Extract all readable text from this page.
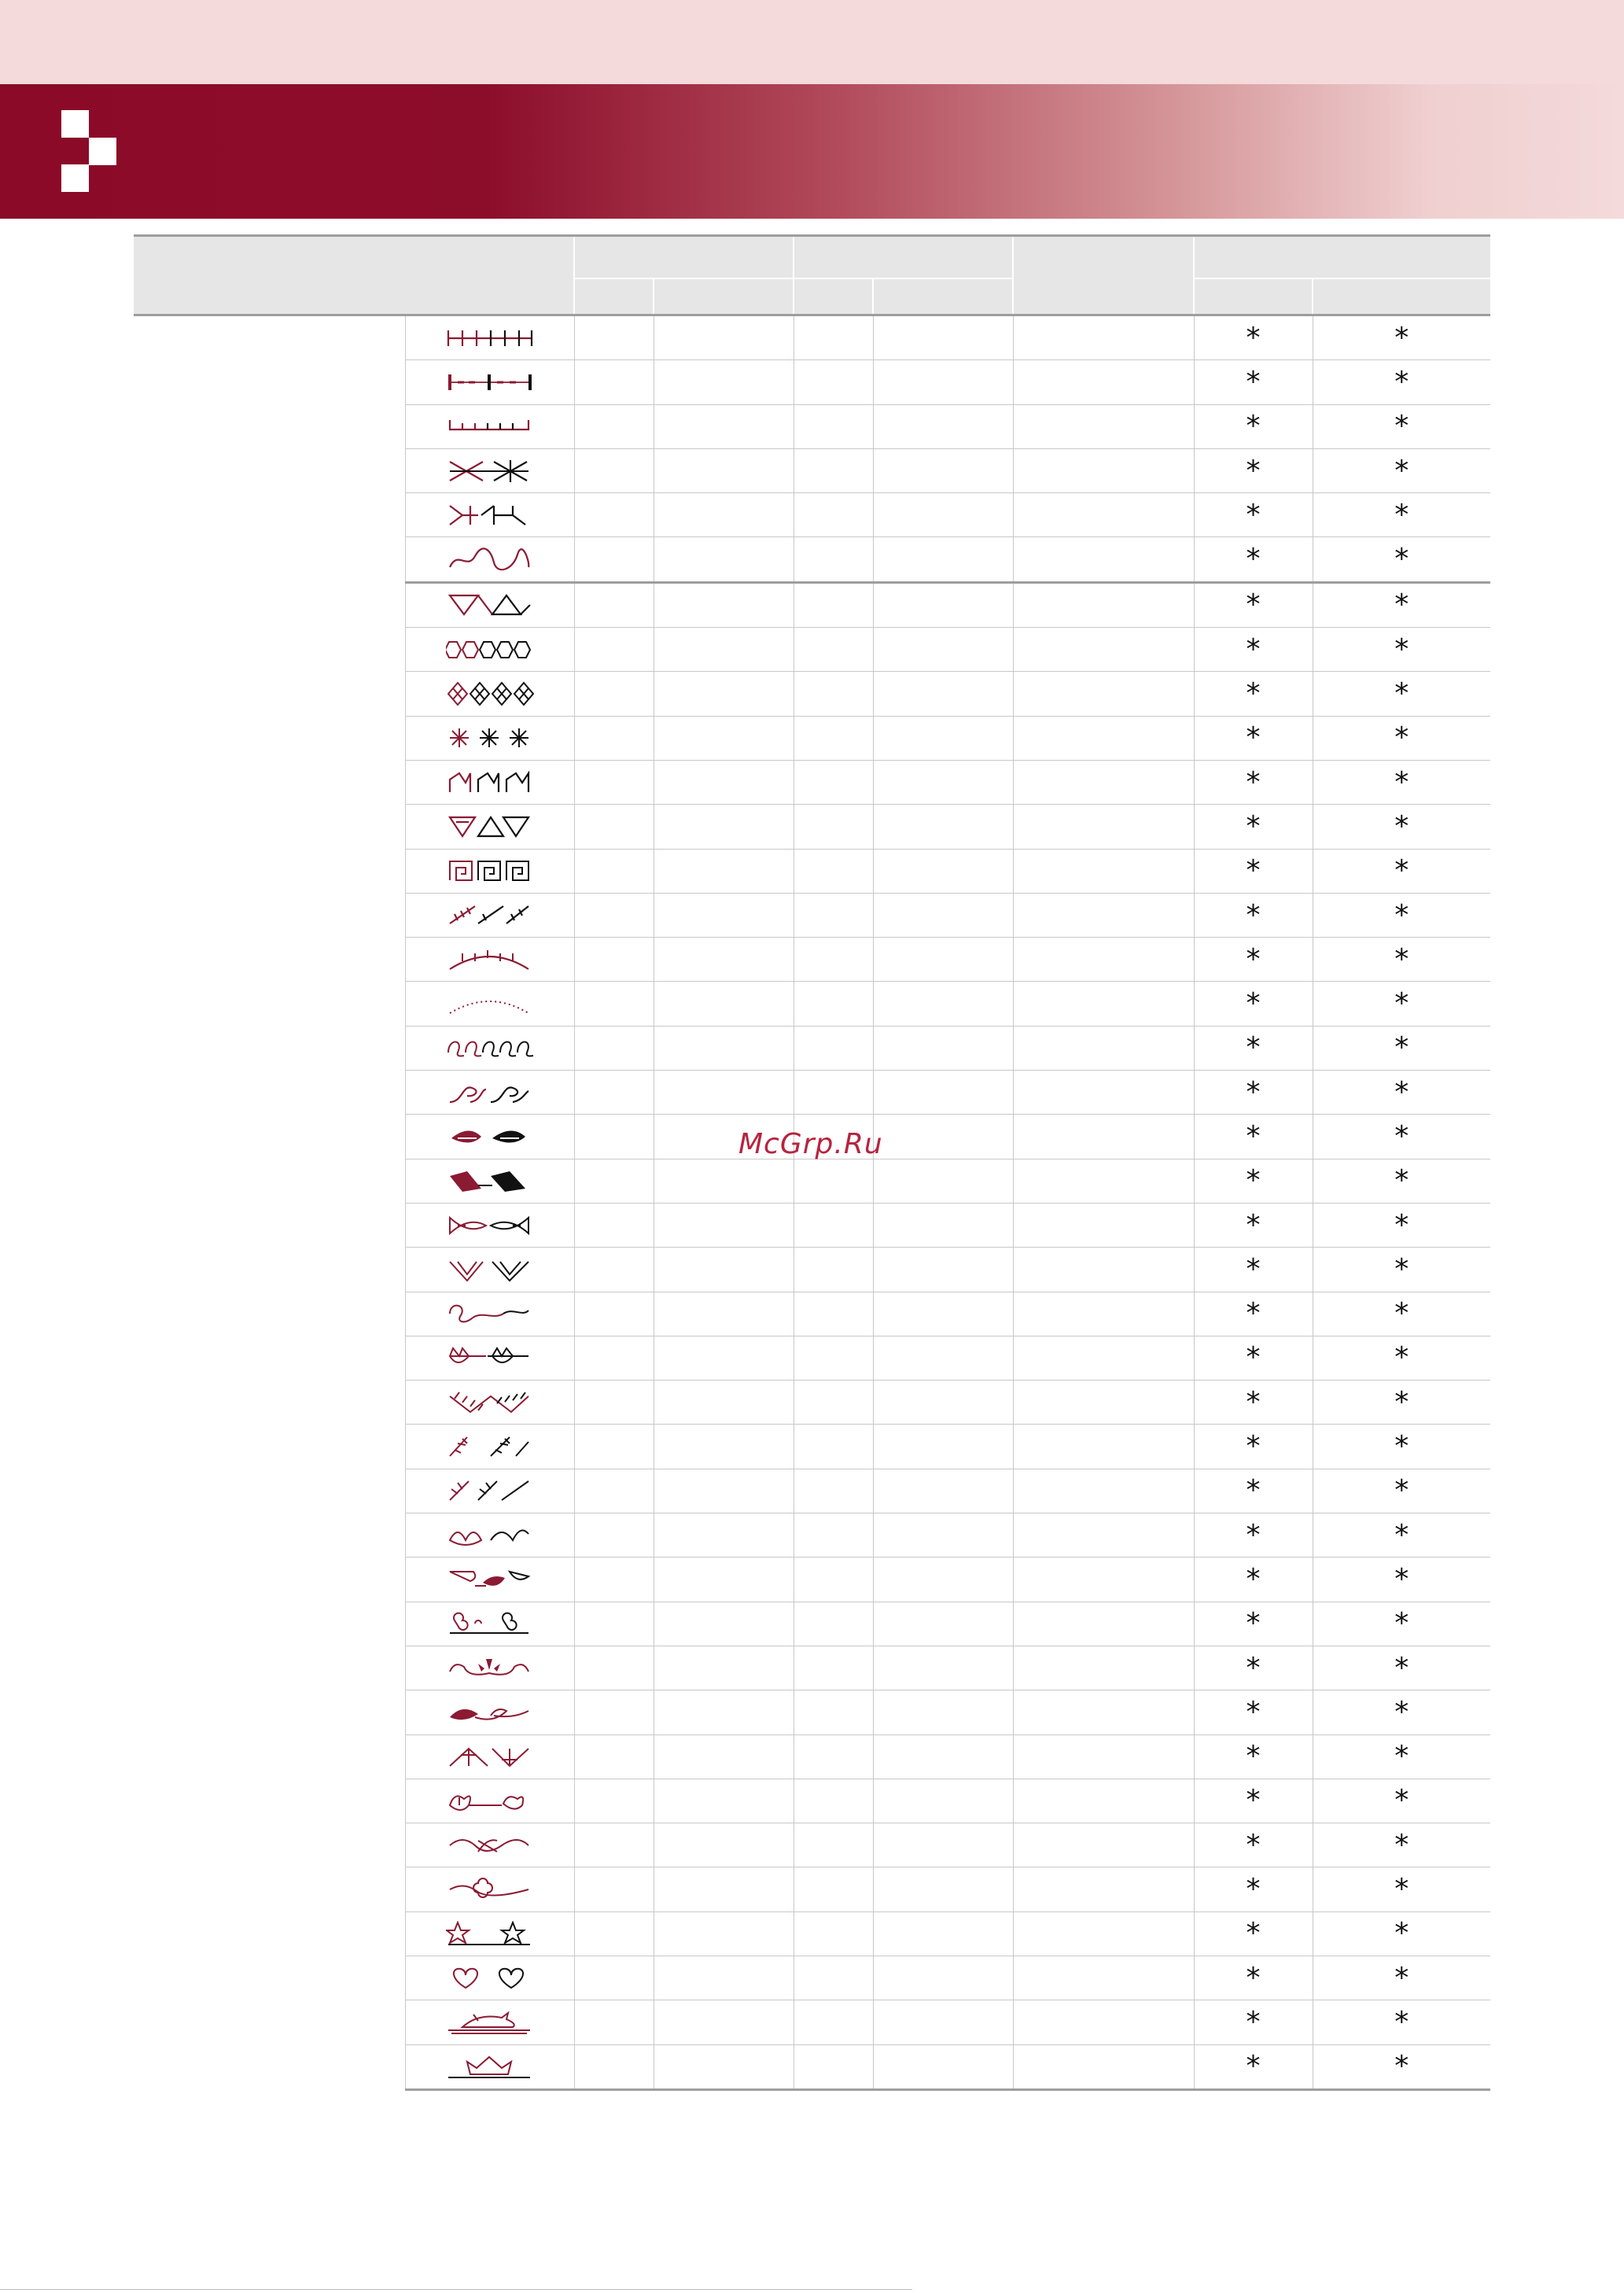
						*	*

						*	*

						*	*

						*	*

						*	*

						*	*

						*	*

						*	*

						*	*

						*	*

						*	*

						*	*

						*	*

						*	*

						*	*

						*	*

						*	*

						*	*

						*	*

						*	*

						*	*

						*	*

						*	*

						*	*

						*	*

						*	*

						*	*

						*	*

						*	*

						*	*

						*	*

						*	*

						*	*

						*	*

						*	*

						*	*

						*	*

						*	*

						*	*

						*	*
McGrp.Ru
